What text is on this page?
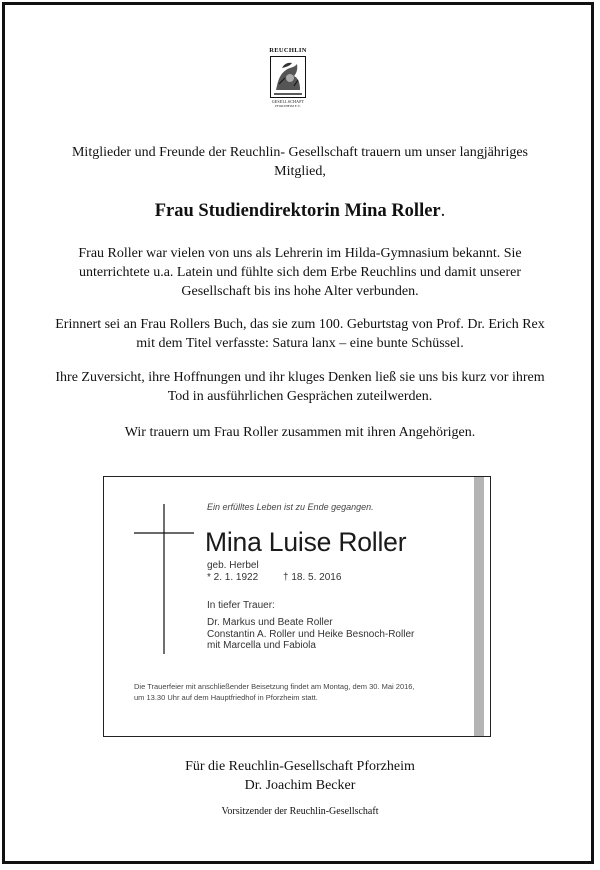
REUCHLIN
GESELLSCHAFT
PFORZHEIM E.V.
Mitglieder und Freunde der Reuchlin- Gesellschaft trauern um unser langjähriges
Mitglied,
Frau Studiendirektorin Mina Roller.
Frau Roller war vielen von uns als Lehrerin im Hilda-Gymnasium bekannt. Sie
unterrichtete u.a. Latein und fühlte sich dem Erbe Reuchlins und damit unserer
Gesellschaft bis ins hohe Alter verbunden.
Erinnert sei an Frau Rollers Buch, das sie zum 100. Geburtstag von Prof. Dr. Erich Rex
mit dem Titel verfasste: Satura lanx – eine bunte Schüssel.
Ihre Zuversicht, ihre Hoffnungen und ihr kluges Denken ließ sie uns bis kurz vor ihrem
Tod in ausführlichen Gesprächen zuteilwerden.
Wir trauern um Frau Roller zusammen mit ihren Angehörigen.
Ein erfülltes Leben ist zu Ende gegangen.
Mina Luise Roller
geb. Herbel
* 2. 1. 1922 † 18. 5. 2016
In tiefer Trauer:
Dr. Markus und Beate Roller
Constantin A. Roller und Heike Besnoch-Roller
mit Marcella und Fabiola
Die Trauerfeier mit anschließender Beisetzung findet am Montag, dem 30. Mai 2016,
um 13.30 Uhr auf dem Hauptfriedhof in Pforzheim statt.
Für die Reuchlin-Gesellschaft Pforzheim
Dr. Joachim Becker
Vorsitzender der Reuchlin-Gesellschaft
